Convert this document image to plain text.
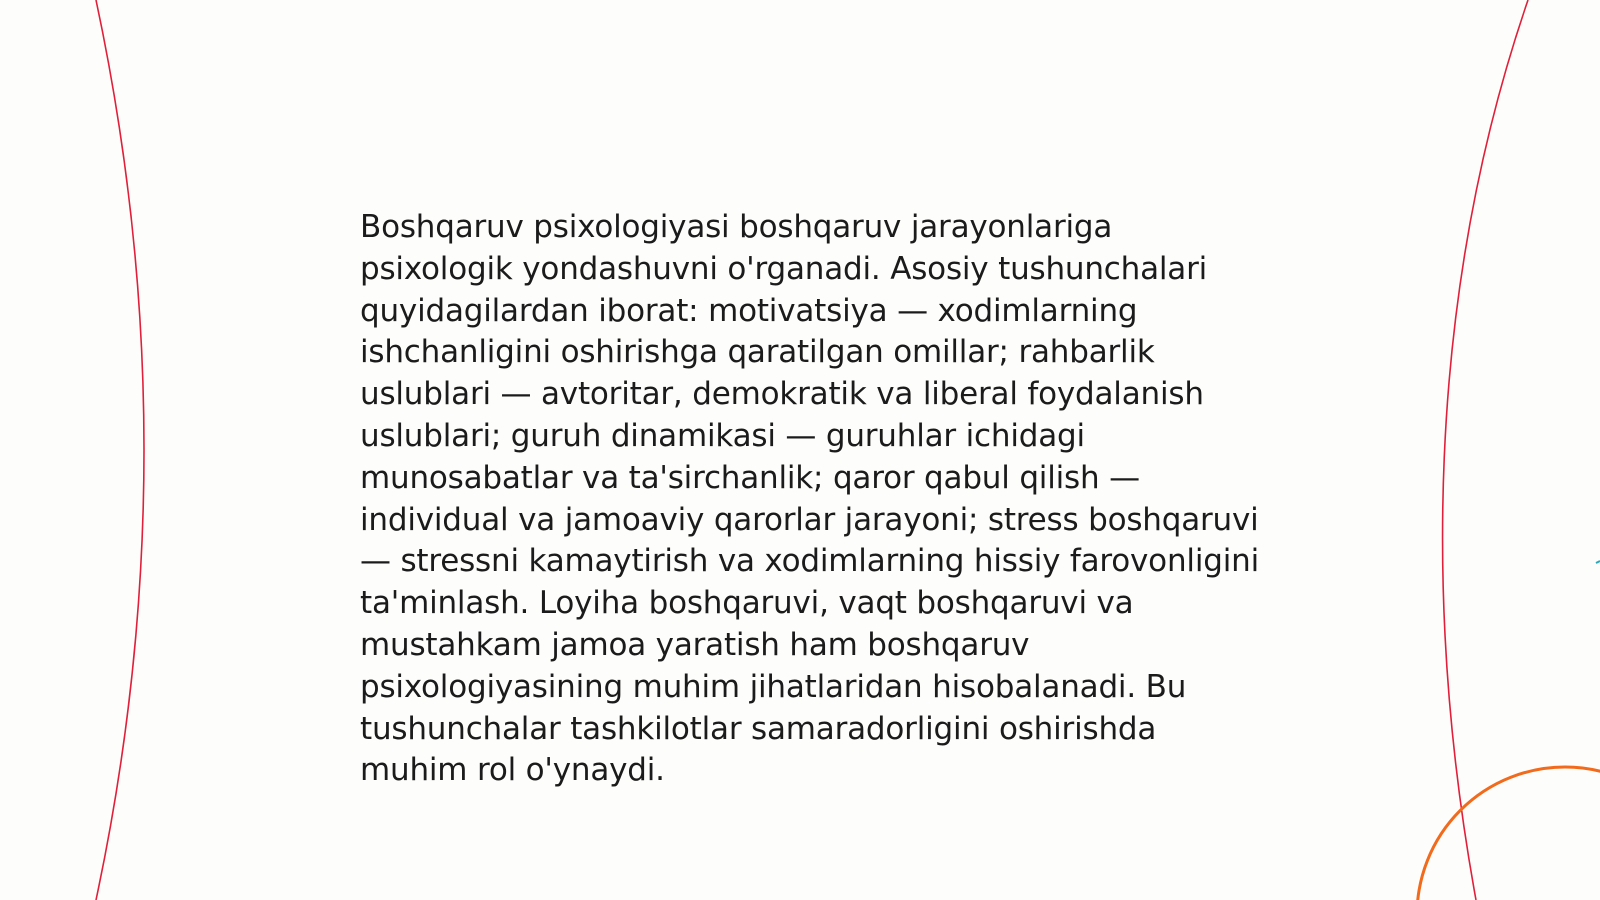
Boshqaruv psixologiyasi boshqaruv jarayonlariga psixologik yondashuvni o'rganadi. Asosiy tushunchalari quyidagilardan iborat: motivatsiya — xodimlarning ishchanligini oshirishga qaratilgan omillar; rahbarlik uslublari — avtoritar, demokratik va liberal foydalanish uslublari; guruh dinamikasi — guruhlar ichidagi munosabatlar va ta'sirchanlik; qaror qabul qilish — individual va jamoaviy qarorlar jarayoni; stress boshqaruvi — stressni kamaytirish va xodimlarning hissiy farovonligini ta'minlash. Loyiha boshqaruvi, vaqt boshqaruvi va mustahkam jamoa yaratish ham boshqaruv psixologiyasining muhim jihatlaridan hisobalanadi. Bu tushunchalar tashkilotlar samaradorligini oshirishda muhim rol o'ynaydi.
